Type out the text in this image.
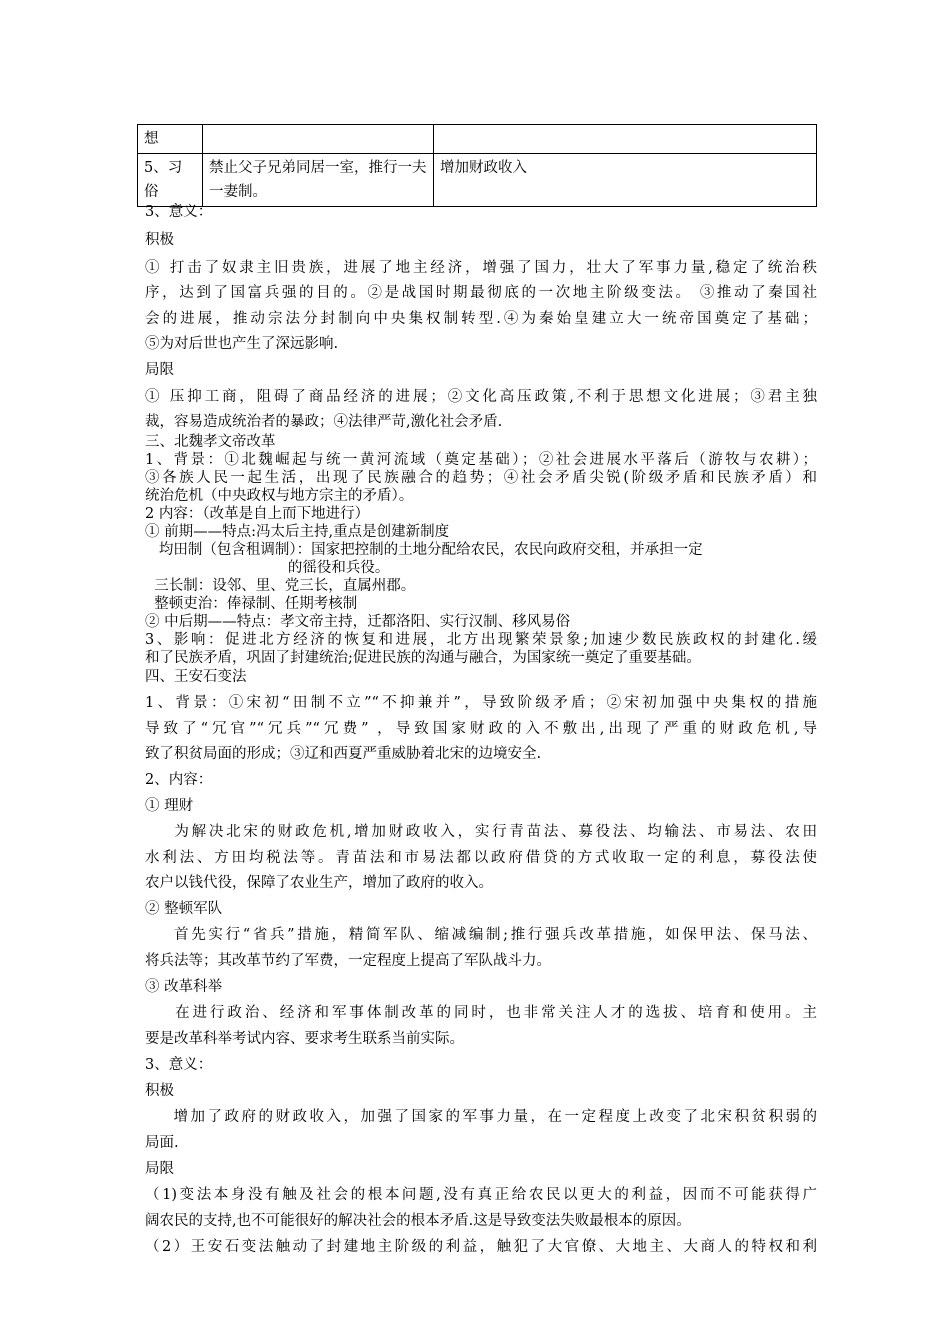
想		
5、习俗	禁止父子兄弟同居一室，推行一夫一妻制。	增加财政收入
3、意义：
积极
① 打击了奴隶主旧贵族，进展了地主经济，增强了国力，壮大了军事力量,稳定了统治秩
序，达到了国富兵强的目的。②是战国时期最彻底的一次地主阶级变法。 ③推动了秦国社
会的进展，推动宗法分封制向中央集权制转型.④为秦始皇建立大一统帝国奠定了基础；
⑤为对后世也产生了深远影响.
局限
① 压抑工商，阻碍了商品经济的进展；②文化高压政策,不利于思想文化进展；③君主独
裁，容易造成统治者的暴政；④法律严苛,激化社会矛盾.
三、北魏孝文帝改革
1、背景：①北魏崛起与统一黄河流域（奠定基础）；②社会进展水平落后（游牧与农耕）；
③各族人民一起生活，出现了民族融合的趋势；④社会矛盾尖锐(阶级矛盾和民族矛盾）和
统治危机（中央政权与地方宗主的矛盾）。
2 内容：（改革是自上而下地进行）
① 前期——特点:冯太后主持,重点是创建新制度
均田制（包含租调制）：国家把控制的土地分配给农民，农民向政府交租，并承担一定
的徭役和兵役。
三长制：设邻、里、党三长，直属州郡。
整顿吏治：俸禄制、任期考核制
② 中后期——特点：孝文帝主持，迁都洛阳、实行汉制、移风易俗
3、影响：促进北方经济的恢复和进展，北方出现繁荣景象;加速少数民族政权的封建化.缓
和了民族矛盾，巩固了封建统治;促进民族的沟通与融合，为国家统一奠定了重要基础。
四、王安石变法
1、背景：①宋初“田制不立”“不抑兼并”，导致阶级矛盾；②宋初加强中央集权的措施
导致了“冗官”“冗兵”“冗费” ，导致国家财政的入不敷出,出现了严重的财政危机,导
致了积贫局面的形成；③辽和西夏严重威胁着北宋的边境安全.
2、内容：
① 理财
为解决北宋的财政危机,增加财政收入，实行青苗法、募役法、均输法、市易法、农田
水利法、方田均税法等。青苗法和市易法都以政府借贷的方式收取一定的利息，募役法使
农户以钱代役，保障了农业生产，增加了政府的收入。
② 整顿军队
首先实行“省兵”措施，精简军队、缩减编制;推行强兵改革措施，如保甲法、保马法、
将兵法等；其改革节约了军费，一定程度上提高了军队战斗力。
③ 改革科举
在进行政治、经济和军事体制改革的同时，也非常关注人才的选拔、培育和使用。主
要是改革科举考试内容、要求考生联系当前实际。
3、意义：
积极
增加了政府的财政收入，加强了国家的军事力量，在一定程度上改变了北宋积贫积弱的
局面.
局限
（1)变法本身没有触及社会的根本问题,没有真正给农民以更大的利益，因而不可能获得广
阔农民的支持,也不可能很好的解决社会的根本矛盾.这是导致变法失败最根本的原因。
（2）王安石变法触动了封建地主阶级的利益，触犯了大官僚、大地主、大商人的特权和利
